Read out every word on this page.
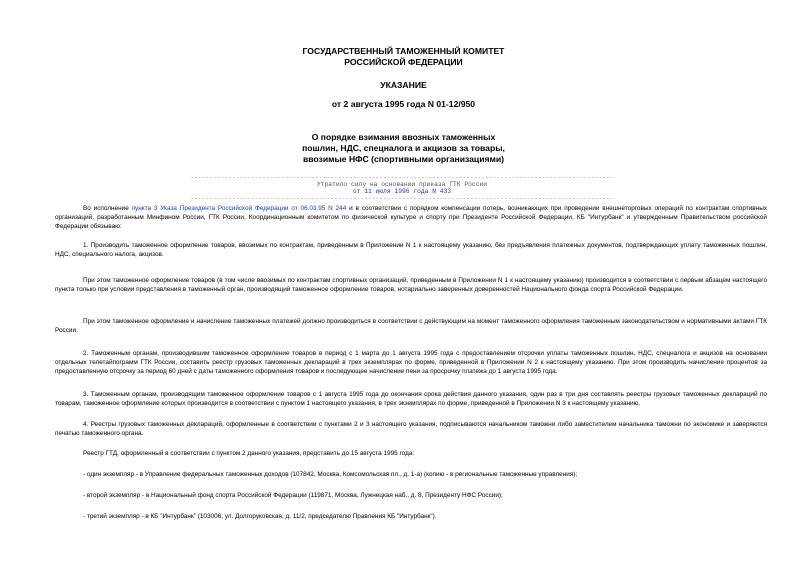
ГОСУДАРСТВЕННЫЙ ТАМОЖЕННЫЙ КОМИТЕТ
РОССИЙСКОЙ ФЕДЕРАЦИИ
УКАЗАНИЕ
от 2 августа 1995 года N 01-12/950
О порядке взимания ввозных таможенных
пошлин, НДС, спецналога и акцизов за товары,
ввозимые НФС (спортивными организациями)
----------------------------------------------------------------------------------------------------------------
Утратило силу на основании приказа ГТК России
от 11 июля 1996 года N 433
----------------------------------------------------------------------------------------------------------------

Во исполнение пункта 3 Указа Президента Российской Федерации от 06.03.95 N 244 и в соответствии с порядком компенсации потерь, возникающих при проведении внешнеторговых операций по контрактам спортивных организаций, разработанным Минфином России, ГТК России, Координационным комитетом по физической культуре и спорту при Президенте Российской Федерации, КБ "Интурбанк" и утвержденным Правительством российской Федерации обязываю:

1. Производить таможенное оформление товаров, ввозимых по контрактам, приведенным в Приложении N 1 к настоящему указанию, без предъявления платежных документов, подтверждающих уплату таможенных пошлин, НДС, специального налога, акцизов.

При этом таможенное оформление товаров (в том числе ввозимых по контрактам спортивных организаций, приведенным в Приложении N 1 к настоящему указанию) производится в соответствии с первым абзацем настоящего пункта только при условии представления в таможенный орган, производящий таможенное оформление товаров, нотариально заверенных доверенностей Национального фонда спорта Российской Федерации.

При этом таможенное оформление и начисление таможенных платежей должно производиться в соответствии с действующим на момент таможенного оформления таможенным законодательством и нормативными актами ГТК России.

2. Таможенным органам, производившим таможенное оформление товаров в период с 1 марта до 1 августа 1995 года с предоставлением отсрочки уплаты таможенных пошлин, НДС, спецналога и акцизов на основании отдельных телетайпограмм ГТК России, составить реестр грузовых таможенных деклараций в трех экземплярах по форме, приведенной в Приложении N 2 к настоящему указанию. При этом производить начисление процентов за предоставленную отсрочку за период 60 дней с даты таможенного оформления товаров и последующее начисление пени за просрочку платежа до 1 августа 1995 года.

3. Таможенным органам, производящим таможенное оформление товаров с 1 августа 1995 года до окончания срока действия данного указания, один раз в три дня составлять реестры грузовых таможенных деклараций по товарам, таможенное оформление которых производится в соответствии с пунктом 1 настоящего указания, в трех экземплярах по форме, приведенной в Приложении N 3 к настоящему указанию.

4. Реестры грузовых таможенных деклараций, оформленные в соответствии с пунктами 2 и 3 настоящего указания, подписываются начальником таможни либо заместителем начальника таможни по экономике и заверяются печатью таможенного органа.

Реестр ГТД, оформленный в соответствии с пунктом 2 данного указания, представить до 15 августа 1995 года:

- один экземпляр - в Управление федеральных таможенных доходов (107842, Москва, Комсомольская пл., д. 1-а) (копию - в региональные таможенные управления);

- второй экземпляр - в Национальный фонд спорта Российской Федерации (119871, Москва, Лужнецкая наб., д. 8, Президенту НФС России);

- третий экземпляр - в КБ "Интурбанк" (103006, ул. Долгоруковская, д. 11/2, председателю Правления КБ "Интурбанк").
